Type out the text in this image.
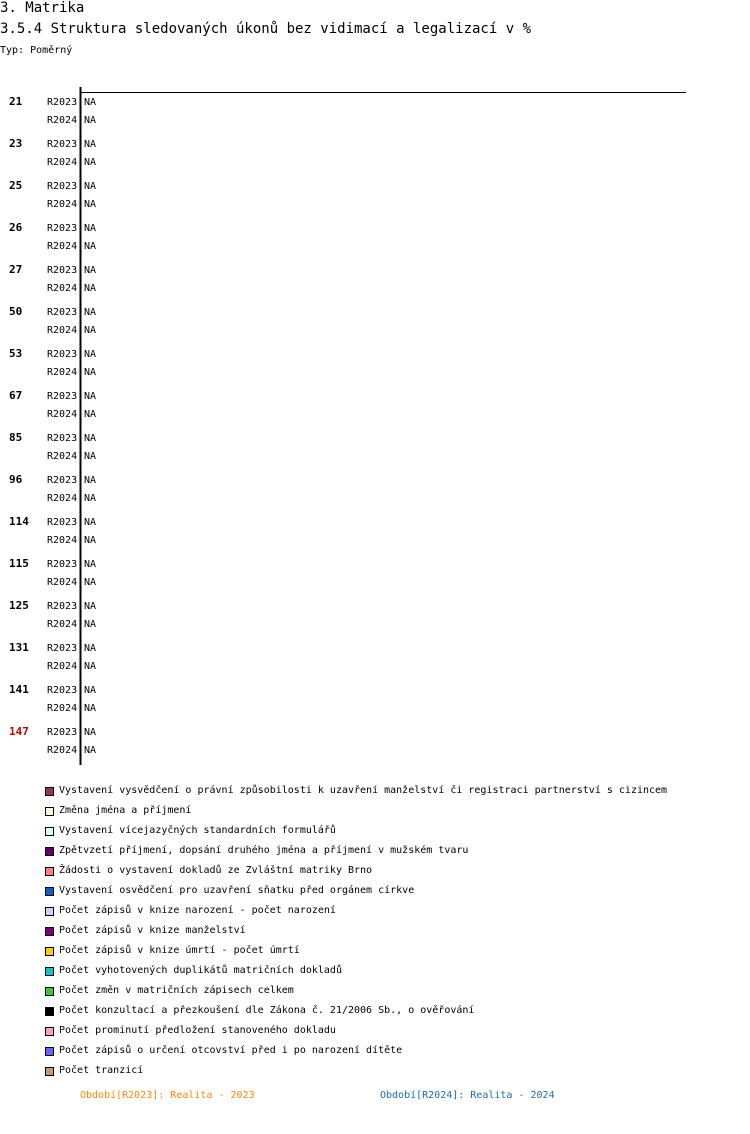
3. Matrika
3.5.4 Struktura sledovaných úkonů bez vidimací a legalizací v %
Typ: Poměrný
21 R2023 NA
R2024 NA
23 R2023 NA
R2024 NA
25 R2023 NA
R2024 NA
26 R2023 NA
R2024 NA
27 R2023 NA
R2024 NA
50 R2023 NA
R2024 NA
53 R2023 NA
R2024 NA
67 R2023 NA
R2024 NA
85 R2023 NA
R2024 NA
96 R2023 NA
R2024 NA
114 R2023 NA
R2024 NA
115 R2023 NA
R2024 NA
125 R2023 NA
R2024 NA
131 R2023 NA
R2024 NA
141 R2023 NA
R2024 NA
147 R2023 NA
R2024 NA
Vystavení vysvědčení o právní způsobilosti k uzavření manželství či registraci partnerství s cizincem
Změna jména a příjmení
Vystavení vícejazyčných standardních formulářů
Zpětvzetí příjmení, dopsání druhého jména a příjmení v mužském tvaru
Žádosti o vystavení dokladů ze Zvláštní matriky Brno
Vystavení osvědčení pro uzavření sňatku před orgánem církve
Počet zápisů v knize narození - počet narození
Počet zápisů v knize manželství
Počet zápisů v knize úmrtí - počet úmrtí
Počet vyhotovených duplikátů matričních dokladů
Počet změn v matričních zápisech celkem
Počet konzultací a přezkoušení dle Zákona č. 21/2006 Sb., o ověřování
Počet prominutí předložení stanoveného dokladu
Počet zápisů o určení otcovství před i po narození dítěte
Počet tranzicí
Období[R2023]: Realita - 2023	Období[R2024]: Realita - 2024
